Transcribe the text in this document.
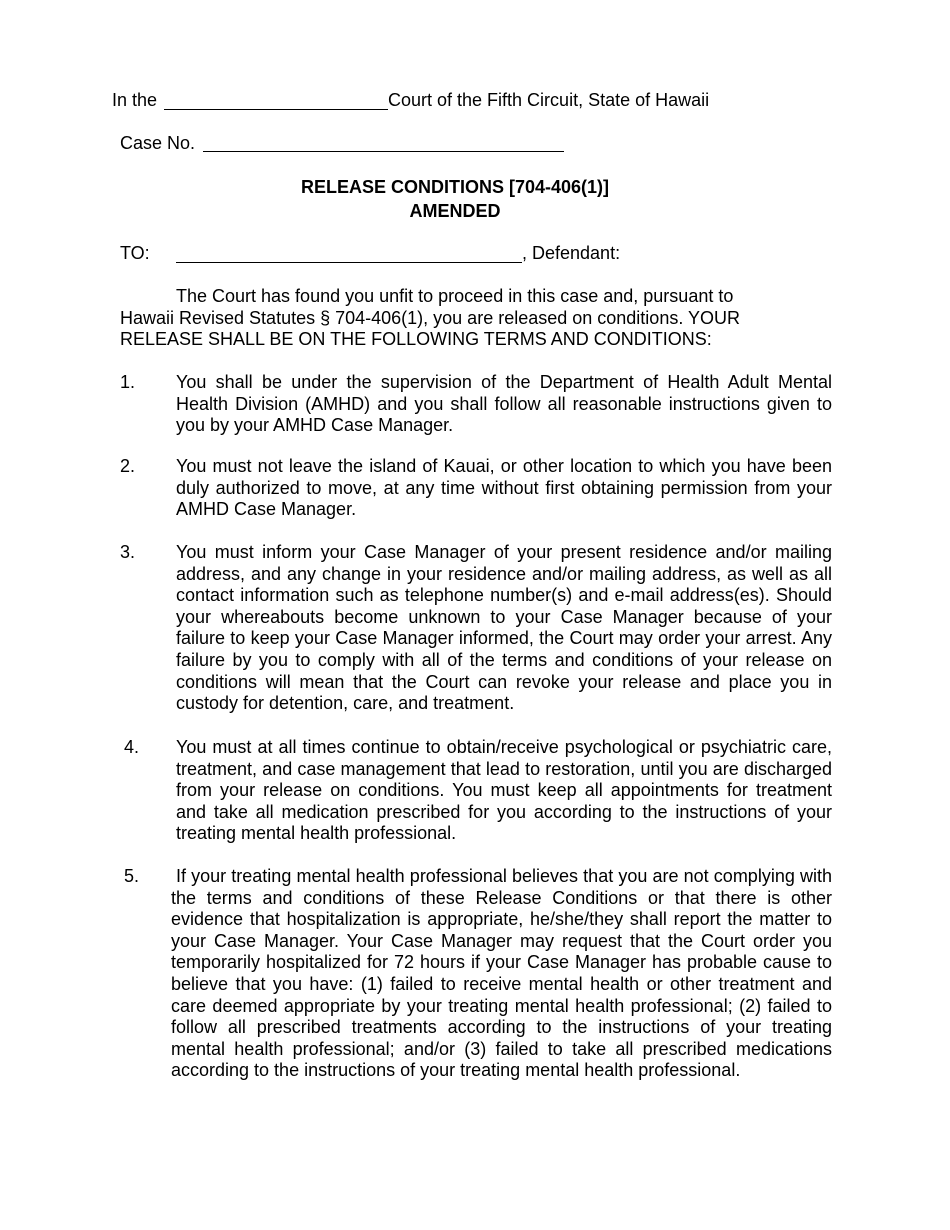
In the	Court of the Fifth Circuit, State of Hawaii
Case No.
RELEASE CONDITIONS [704-406(1)]
AMENDED
TO:	, Defendant:
The Court has found you unfit to proceed in this case and, pursuant to Hawaii Revised Statutes § 704-406(1), you are released on conditions. YOUR RELEASE SHALL BE ON THE FOLLOWING TERMS AND CONDITIONS:
1. You shall be under the supervision of the Department of Health Adult Mental Health Division (AMHD) and you shall follow all reasonable instructions given to you by your AMHD Case Manager.
2. You must not leave the island of Kauai, or other location to which you have been duly authorized to move, at any time without first obtaining permission from your AMHD Case Manager.
3. You must inform your Case Manager of your present residence and/or mailing address, and any change in your residence and/or mailing address, as well as all contact information such as telephone number(s) and e-mail address(es). Should your whereabouts become unknown to your Case Manager because of your failure to keep your Case Manager informed, the Court may order your arrest. Any failure by you to comply with all of the terms and conditions of your release on conditions will mean that the Court can revoke your release and place you in custody for detention, care, and treatment.
4. You must at all times continue to obtain/receive psychological or psychiatric care, treatment, and case management that lead to restoration, until you are discharged from your release on conditions. You must keep all appointments for treatment and take all medication prescribed for you according to the instructions of your treating mental health professional.
5. If your treating mental health professional believes that you are not complying with the terms and conditions of these Release Conditions or that there is other evidence that hospitalization is appropriate, he/she/they shall report the matter to your Case Manager. Your Case Manager may request that the Court order you temporarily hospitalized for 72 hours if your Case Manager has probable cause to believe that you have: (1) failed to receive mental health or other treatment and care deemed appropriate by your treating mental health professional; (2) failed to follow all prescribed treatments according to the instructions of your treating mental health professional; and/or (3) failed to take all prescribed medications according to the instructions of your treating mental health professional.
